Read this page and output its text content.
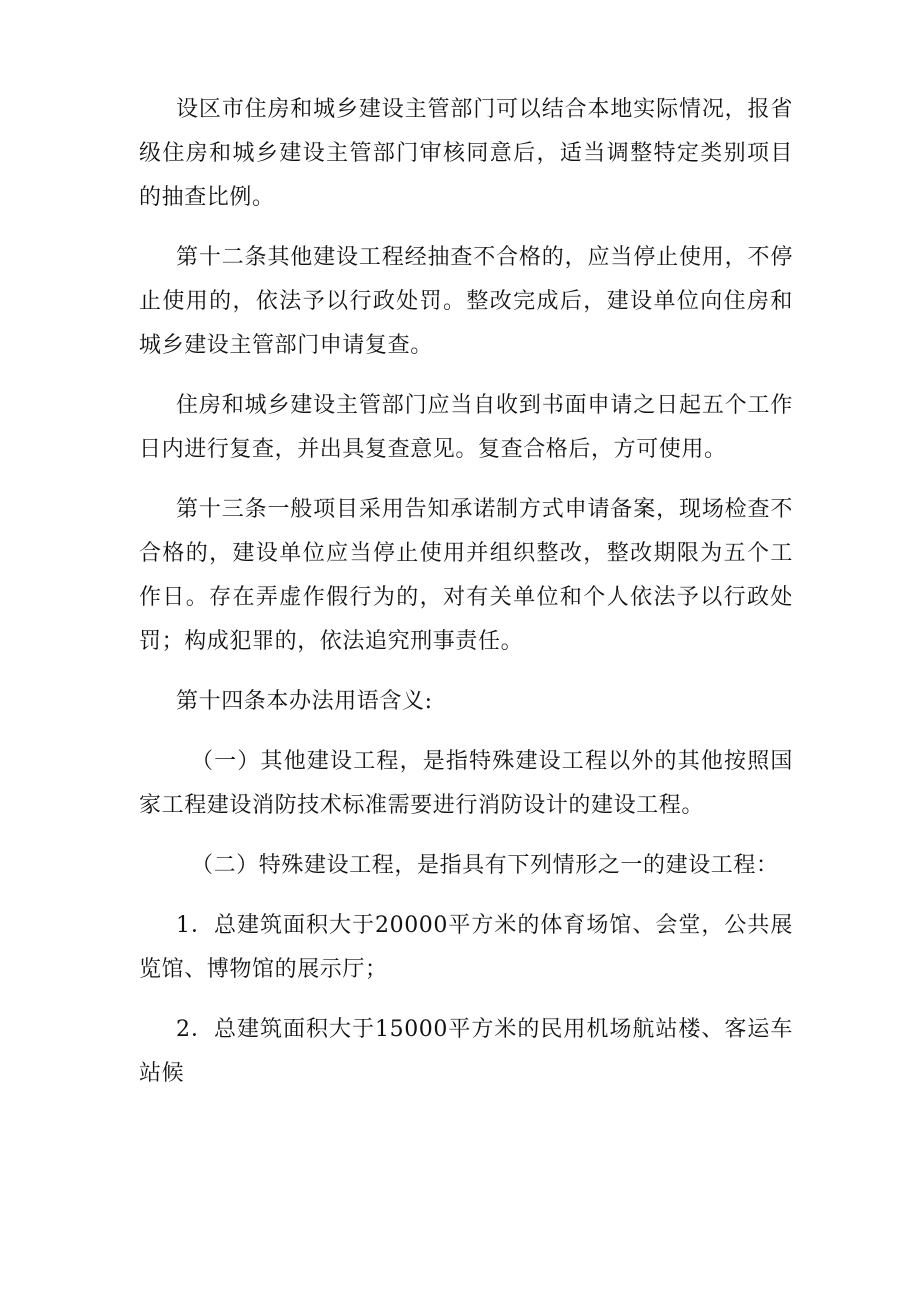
设区市住房和城乡建设主管部门可以结合本地实际情况，报省级住房和城乡建设主管部门审核同意后，适当调整特定类别项目的抽查比例。

第十二条其他建设工程经抽查不合格的，应当停止使用，不停止使用的，依法予以行政处罚。整改完成后，建设单位向住房和城乡建设主管部门申请复查。

住房和城乡建设主管部门应当自收到书面申请之日起五个工作日内进行复查，并出具复查意见。复查合格后，方可使用。

第十三条一般项目采用告知承诺制方式申请备案，现场检查不合格的，建设单位应当停止使用并组织整改，整改期限为五个工作日。存在弄虚作假行为的，对有关单位和个人依法予以行政处罚；构成犯罪的，依法追究刑事责任。

第十四条本办法用语含义:

（一）其他建设工程，是指特殊建设工程以外的其他按照国家工程建设消防技术标准需要进行消防设计的建设工程。

（二）特殊建设工程，是指具有下列情形之一的建设工程：

1．总建筑面积大于20000平方米的体育场馆、会堂，公共展览馆、博物馆的展示厅；

2．总建筑面积大于15000平方米的民用机场航站楼、客运车站候
